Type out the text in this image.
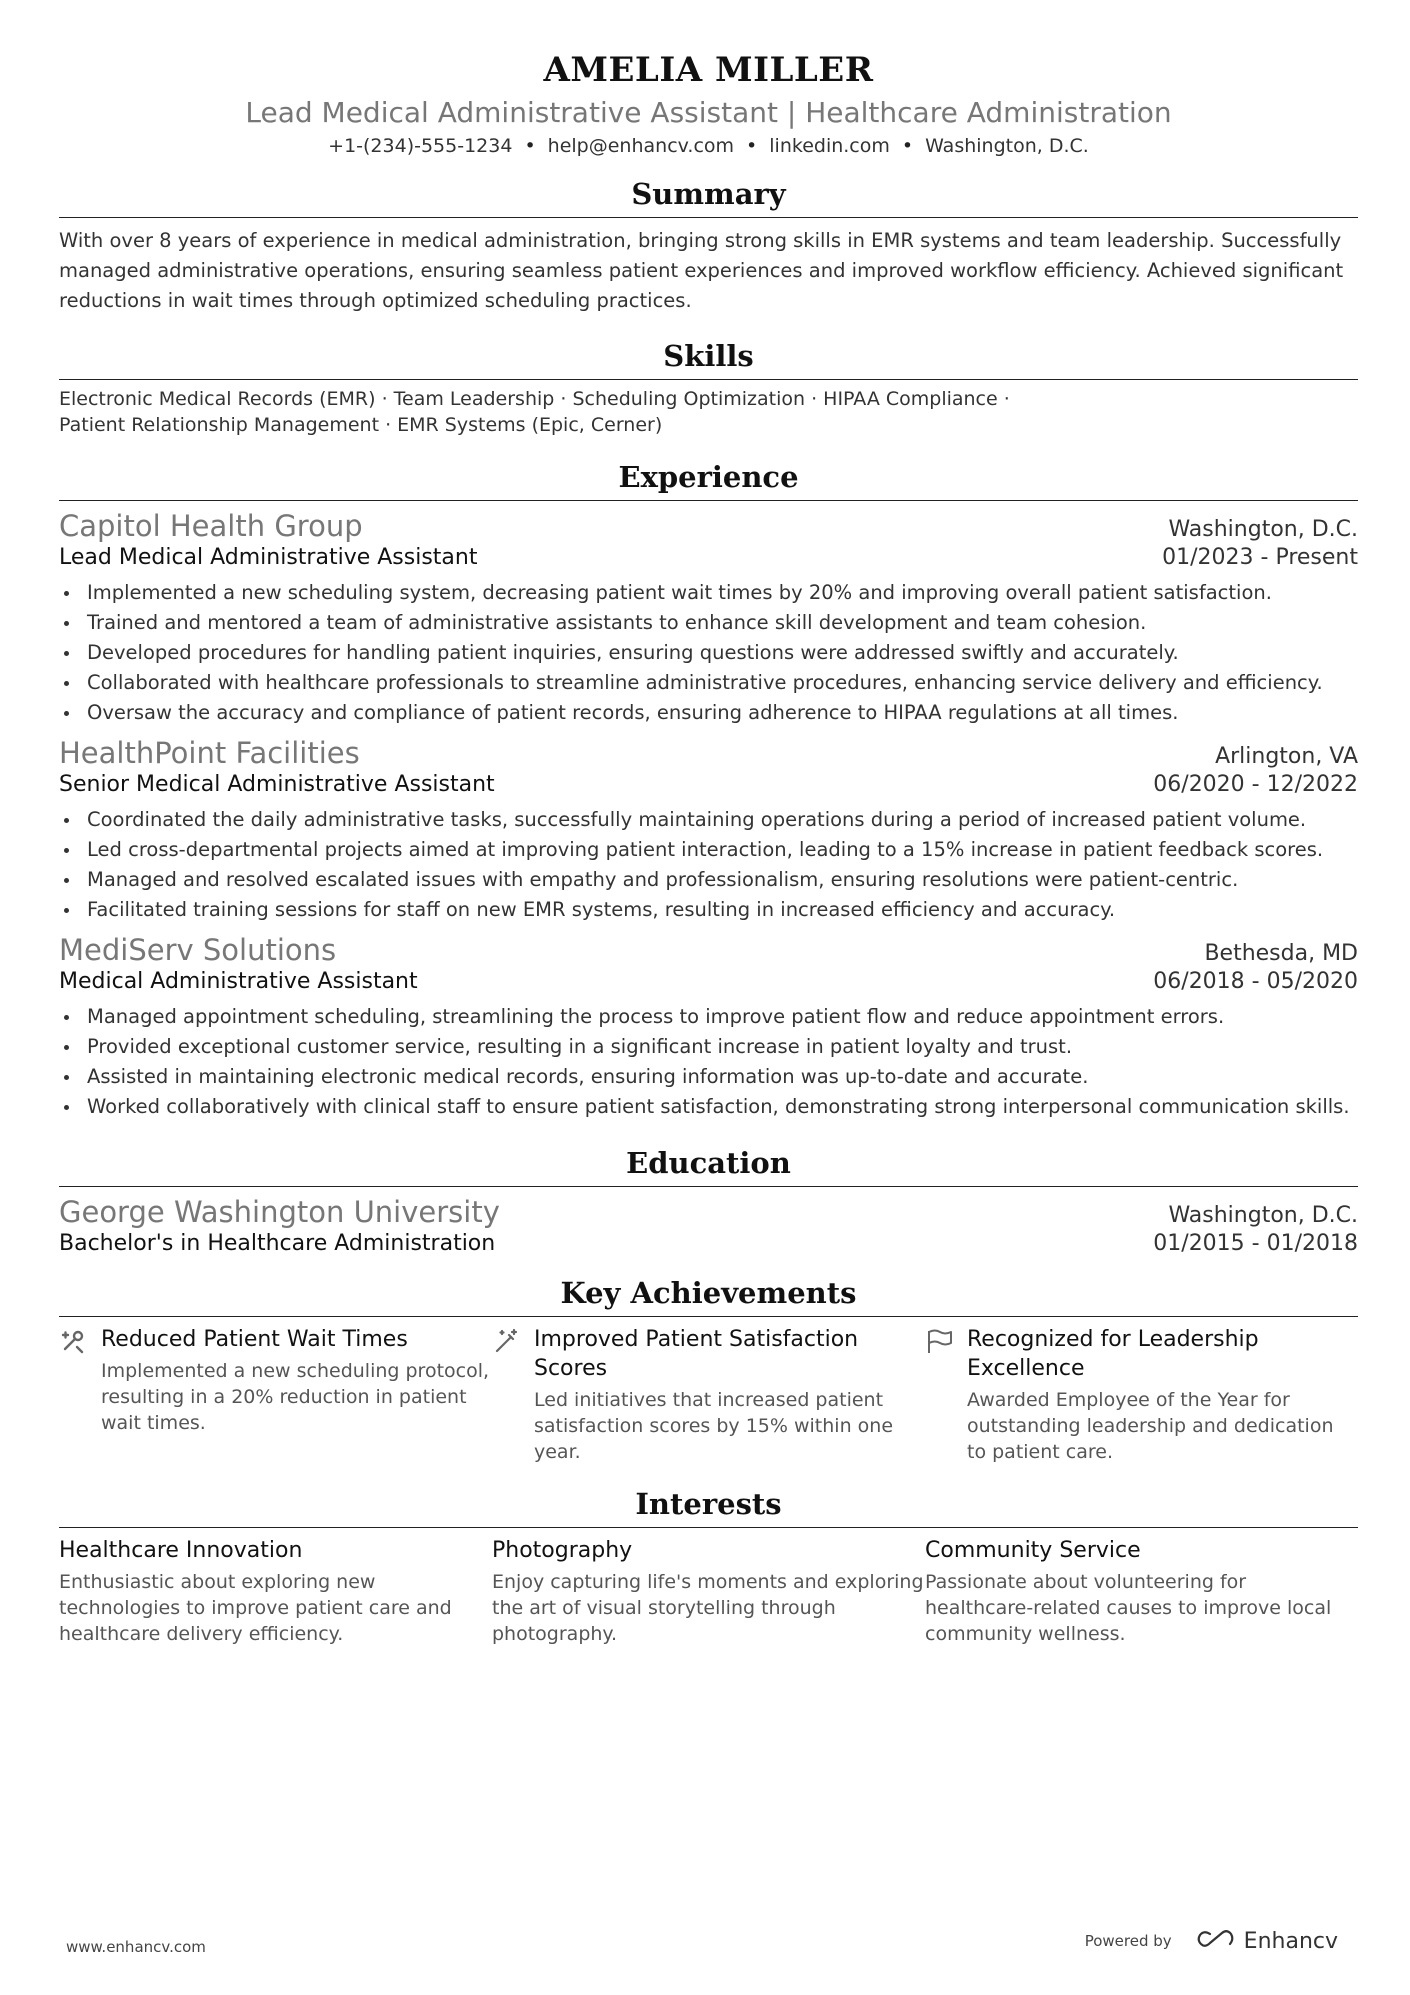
AMELIA MILLER
Lead Medical Administrative Assistant | Healthcare Administration
+1-(234)-555-1234 • help@enhancv.com • linkedin.com • Washington, D.C.
Summary
With over 8 years of experience in medical administration, bringing strong skills in EMR systems and team leadership. Successfully managed administrative operations, ensuring seamless patient experiences and improved workflow efficiency. Achieved significant reductions in wait times through optimized scheduling practices.
Skills
Electronic Medical Records (EMR) · Team Leadership · Scheduling Optimization · HIPAA Compliance ·
Patient Relationship Management · EMR Systems (Epic, Cerner)
Experience
Capitol Health Group	Washington, D.C.
Lead Medical Administrative Assistant	01/2023 - Present
Implemented a new scheduling system, decreasing patient wait times by 20% and improving overall patient satisfaction.
Trained and mentored a team of administrative assistants to enhance skill development and team cohesion.
Developed procedures for handling patient inquiries, ensuring questions were addressed swiftly and accurately.
Collaborated with healthcare professionals to streamline administrative procedures, enhancing service delivery and efficiency.
Oversaw the accuracy and compliance of patient records, ensuring adherence to HIPAA regulations at all times.
HealthPoint Facilities	Arlington, VA
Senior Medical Administrative Assistant	06/2020 - 12/2022
Coordinated the daily administrative tasks, successfully maintaining operations during a period of increased patient volume.
Led cross-departmental projects aimed at improving patient interaction, leading to a 15% increase in patient feedback scores.
Managed and resolved escalated issues with empathy and professionalism, ensuring resolutions were patient-centric.
Facilitated training sessions for staff on new EMR systems, resulting in increased efficiency and accuracy.
MediServ Solutions	Bethesda, MD
Medical Administrative Assistant	06/2018 - 05/2020
Managed appointment scheduling, streamlining the process to improve patient flow and reduce appointment errors.
Provided exceptional customer service, resulting in a significant increase in patient loyalty and trust.
Assisted in maintaining electronic medical records, ensuring information was up-to-date and accurate.
Worked collaboratively with clinical staff to ensure patient satisfaction, demonstrating strong interpersonal communication skills.
Education
George Washington University	Washington, D.C.
Bachelor's in Healthcare Administration	01/2015 - 01/2018
Key Achievements
Reduced Patient Wait Times
Implemented a new scheduling protocol, resulting in a 20% reduction in patient wait times.
Improved Patient Satisfaction Scores
Led initiatives that increased patient satisfaction scores by 15% within one year.
Recognized for Leadership Excellence
Awarded Employee of the Year for outstanding leadership and dedication to patient care.
Interests
Healthcare Innovation
Enthusiastic about exploring new technologies to improve patient care and healthcare delivery efficiency.
Photography
Enjoy capturing life's moments and exploring the art of visual storytelling through photography.
Community Service
Passionate about volunteering for healthcare-related causes to improve local community wellness.
www.enhancv.com	Powered by	Enhancv
